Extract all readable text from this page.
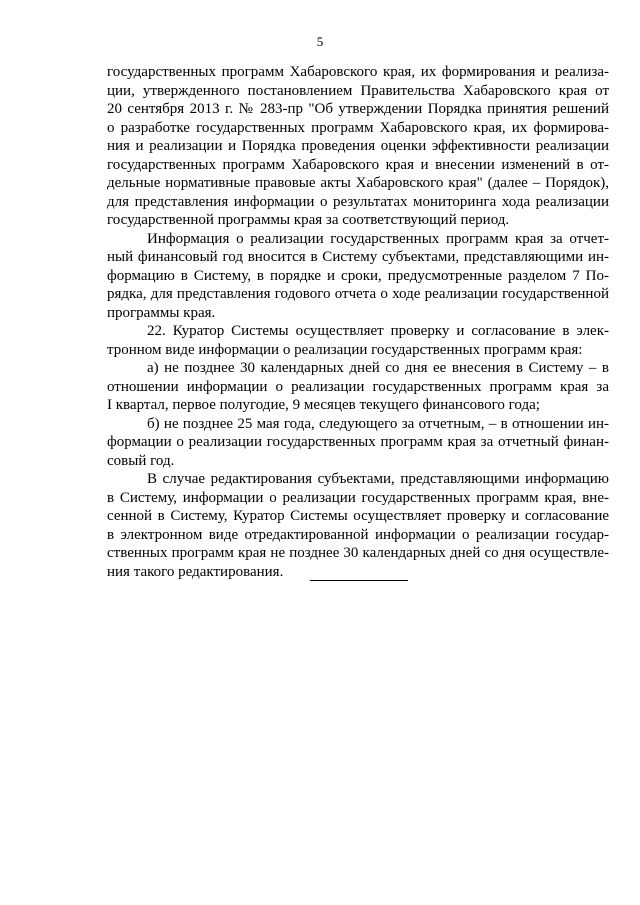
5
государственных программ Хабаровского края, их формирования и реализа-
ции, утвержденного постановлением Правительства Хабаровского края от
20 сентября 2013 г. № 283-пр "Об утверждении Порядка принятия решений
о разработке государственных программ Хабаровского края, их формирова-
ния и реализации и Порядка проведения оценки эффективности реализации
государственных программ Хабаровского края и внесении изменений в от-
дельные нормативные правовые акты Хабаровского края" (далее – Порядок),
для представления информации о результатах мониторинга хода реализации
государственной программы края за соответствующий период.
Информация о реализации государственных программ края за отчет-
ный финансовый год вносится в Систему субъектами, представляющими ин-
формацию в Систему, в порядке и сроки, предусмотренные разделом 7 По-
рядка, для представления годового отчета о ходе реализации государственной
программы края.
22. Куратор Системы осуществляет проверку и согласование в элек-
тронном виде информации о реализации государственных программ края:
а) не позднее 30 календарных дней со дня ее внесения в Систему – в
отношении информации о реализации государственных программ края за
I квартал, первое полугодие, 9 месяцев текущего финансового года;
б) не позднее 25 мая года, следующего за отчетным, – в отношении ин-
формации о реализации государственных программ края за отчетный финан-
совый год.
В случае редактирования субъектами, представляющими информацию
в Систему, информации о реализации государственных программ края, вне-
сенной в Систему, Куратор Системы осуществляет проверку и согласование
в электронном виде отредактированной информации о реализации государ-
ственных программ края не позднее 30 календарных дней со дня осуществле-
ния такого редактирования.
